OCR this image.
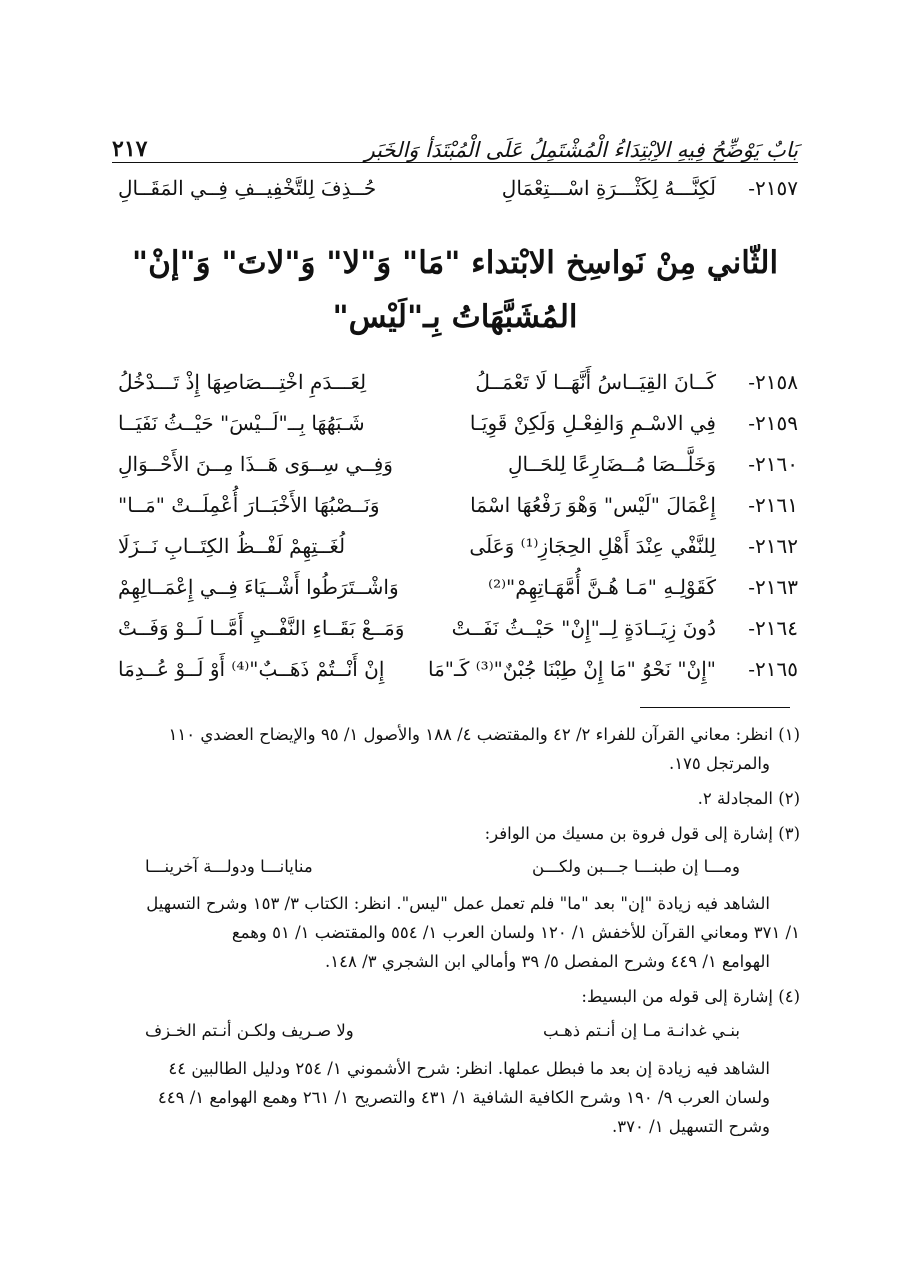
بَابٌ يَوْضِّحُ فِيهِ الاِبْتِدَاءُ الْمُشْتَمِلُ عَلَى الْمُبْتَدَأ وَالخَبَر
٢١٧
٢١٥٧-
لَكِنَّـــهُ لِكَثْـــرَةِ اسْـــتِعْمَالِ
حُــذِفَ لِلتَّخْفِيــفِ فِــي المَقَــالِ
الثّاني مِنْ نَواسِخ الابْتداء "مَا" وَ"لا" وَ"لاتَ" وَ"إنْ"
المُشَبَّهَاتُ بِـ"لَيْس"
٢١٥٨-
كَــانَ القِيَــاسُ أَنَّهَــا لَا تَعْمَــلُ
لِعَـــدَمِ اخْتِـــصَاصِهَا إِذْ تَـــدْخُلُ
٢١٥٩-
فِي الاسْـمِ وَالفِعْـلِ وَلَكِنْ قَوِيَـا
شَـبَهُهَا بِــ"لَــيْسَ" حَيْــثُ نَفَيَــا
٢١٦٠-
وَخَلَّــصَا مُــضَارِعًا لِلحَــالِ
وَفِــي سِــوَى هَــذَا مِــنَ الأَحْــوَالِ
٢١٦١-
إِعْمَالَ "لَيْس" وَهْوَ رَفْعُهَا اسْمَا
وَنَــصْبُهَا الأَخْبَــارَ أُعْمِلَــتْ "مَــا"
٢١٦٢-
لِلنَّفْي عِنْدَ أَهْلِ الحِجَازِ⁽¹⁾ وَعَلَى
لُغَــتِهِمْ لَفْــظُ الكِتَــابِ نَــزَلَا
٢١٦٣-
كَقَوْلِـهِ "مَـا هُـنَّ أُمَّهَـاتِهِمْ"⁽²⁾
وَاشْــتَرَطُوا أَشْــيَاءَ فِــي إِعْمَــالِهِمْ
٢١٦٤-
دُونَ زِيَــادَةٍ لِــ"إِنْ" حَيْــثُ نَفَــتْ
وَمَــعْ بَقَــاءِ النَّفْــيِ أَمَّــا لَــوْ وَفَــتْ
٢١٦٥-
"إِنْ" نَحْوُ "مَا إِنْ طِبْنَا جُبْنٌ"⁽³⁾ كَـ"مَا
إِنْ أَنْــتُمْ ذَهَــبٌ"⁽⁴⁾ أَوْ لَــوْ عُــدِمَا
(١) انظر: معاني القرآن للفراء ٢/ ٤٢ والمقتضب ٤/ ١٨٨ والأصول ١/ ٩٥ والإيضاح العضدي ١١٠
والمرتجل ١٧٥.
(٢) المجادلة ٢.
(٣) إشارة إلى قول فروة بن مسيك من الوافر:
ومـــا إن طبنـــا جـــبن ولكـــن
منايانـــا ودولـــة آخرينـــا
الشاهد فيه زيادة "إن" بعد "ما" فلم تعمل عمل "ليس". انظر: الكتاب ٣/ ١٥٣ وشرح التسهيل
١/ ٣٧١ ومعاني القرآن للأخفش ١/ ١٢٠ ولسان العرب ١/ ٥٥٤ والمقتضب ١/ ٥١ وهمع
الهوامع ١/ ٤٤٩ وشرح المفصل ٥/ ٣٩ وأمالي ابن الشجري ٣/ ١٤٨.
(٤) إشارة إلى قوله من البسيط:
بنـي غدانـة مـا إن أنـتم ذهـب
ولا صـريف ولكـن أنـتم الخـزف
الشاهد فيه زيادة إن بعد ما فبطل عملها. انظر: شرح الأشموني ١/ ٢٥٤ ودليل الطالبين ٤٤
ولسان العرب ٩/ ١٩٠ وشرح الكافية الشافية ١/ ٤٣١ والتصريح ١/ ٢٦١ وهمع الهوامع ١/ ٤٤٩
وشرح التسهيل ١/ ٣٧٠.
